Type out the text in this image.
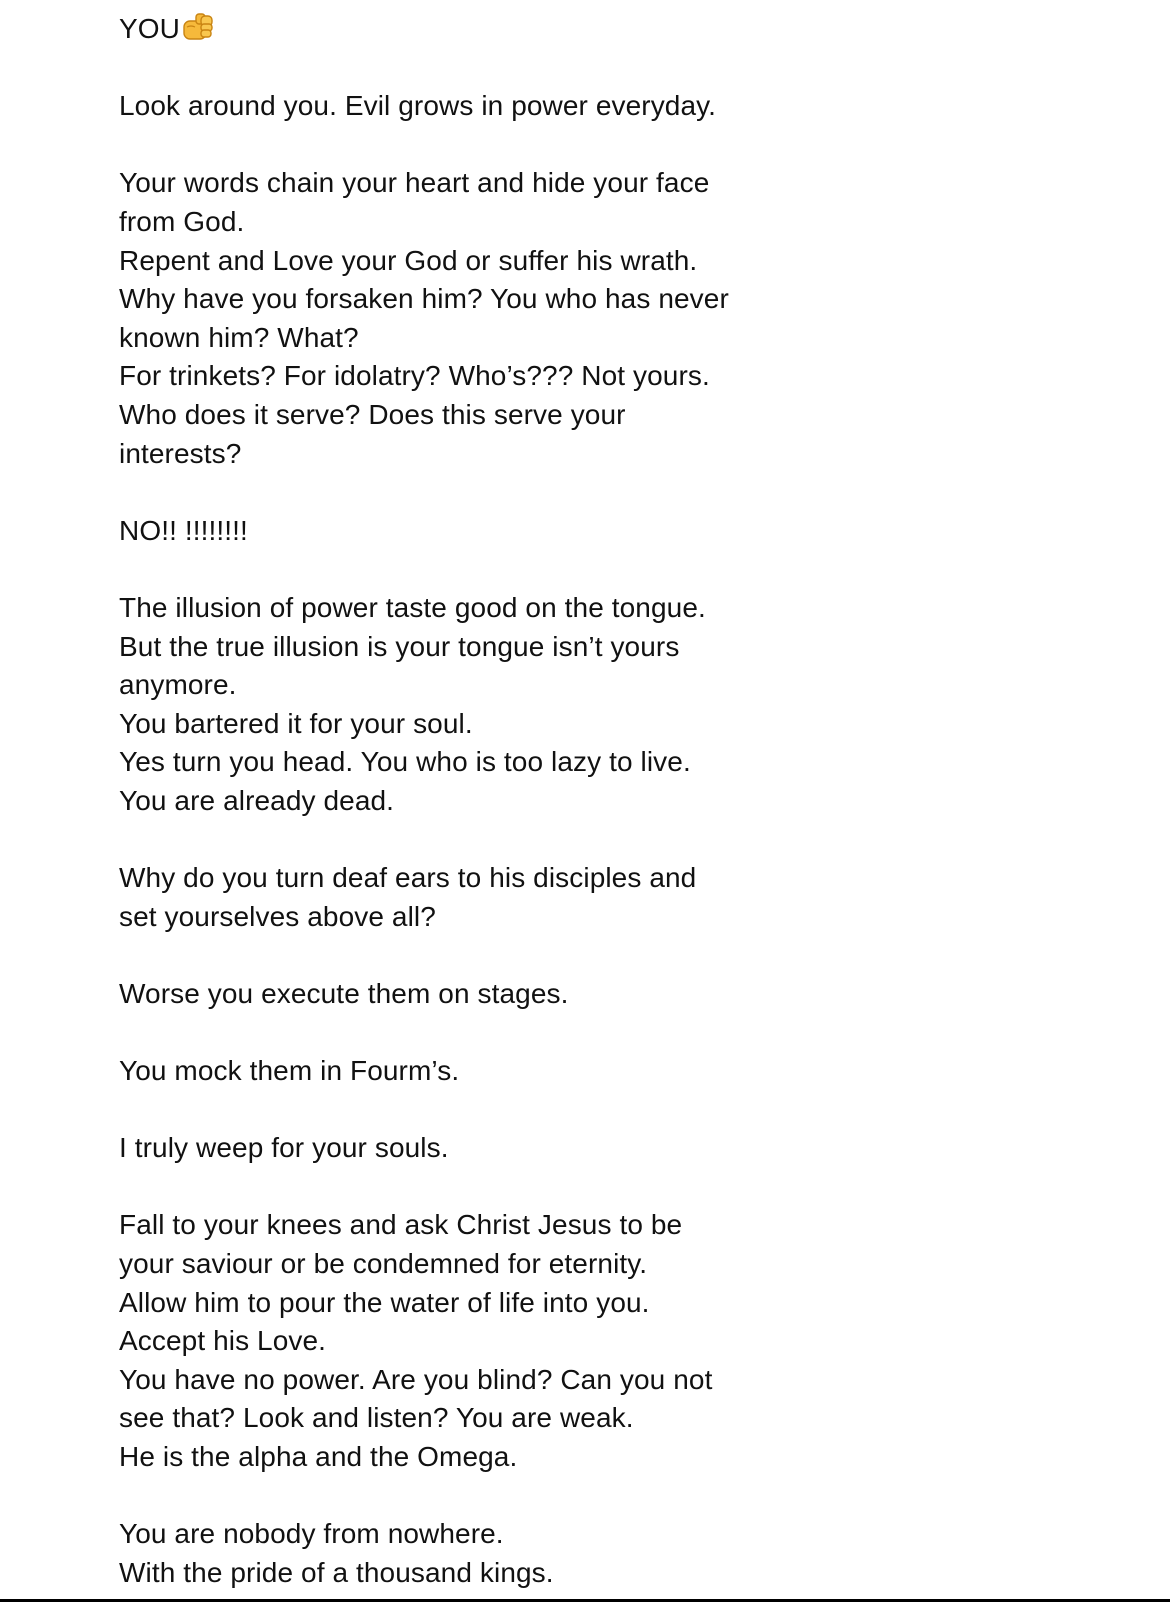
YOU
Look around you. Evil grows in power everyday.
Your words chain your heart and hide your face
from God.
Repent and Love your God or suffer his wrath.
Why have you forsaken him? You who has never
known him? What?
For trinkets? For idolatry? Who’s??? Not yours.
Who does it serve? Does this serve your
interests?
NO!! !!!!!!!!
The illusion of power taste good on the tongue.
But the true illusion is your tongue isn’t yours
anymore.
You bartered it for your soul.
Yes turn you head. You who is too lazy to live.
You are already dead.
Why do you turn deaf ears to his disciples and
set yourselves above all?
Worse you execute them on stages.
You mock them in Fourm’s.
I truly weep for your souls.
Fall to your knees and ask Christ Jesus to be
your saviour or be condemned for eternity.
Allow him to pour the water of life into you.
Accept his Love.
You have no power. Are you blind? Can you not
see that? Look and listen? You are weak.
He is the alpha and the Omega.
You are nobody from nowhere.
With the pride of a thousand kings.
